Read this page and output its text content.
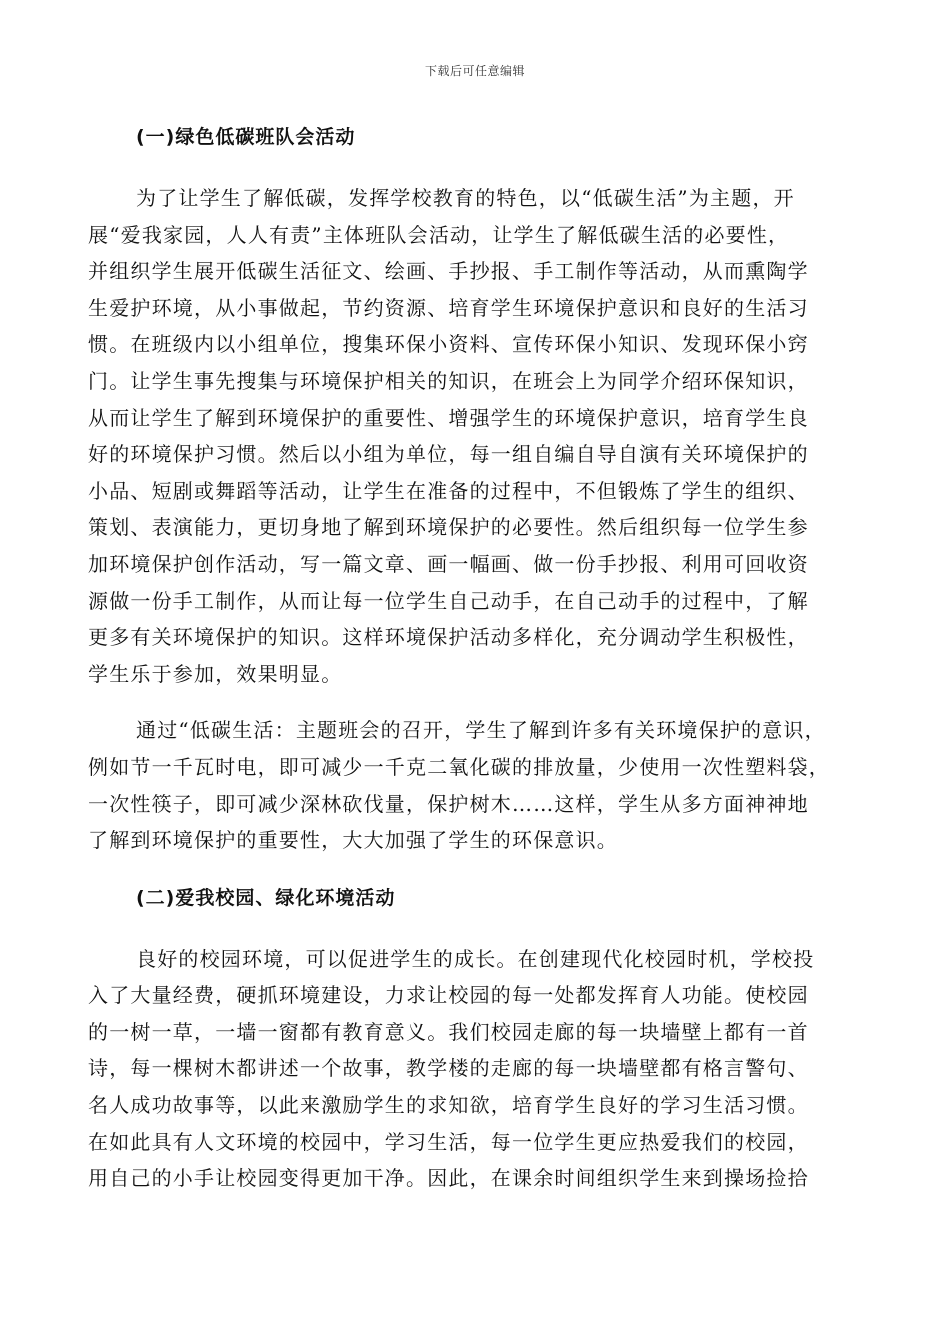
下载后可任意编辑
(一)绿色低碳班队会活动
为了让学生了解低碳，发挥学校教育的特色，以“低碳生活”为主题，开
展“爱我家园，人人有责”主体班队会活动，让学生了解低碳生活的必要性，
并组织学生展开低碳生活征文、绘画、手抄报、手工制作等活动，从而熏陶学
生爱护环境，从小事做起，节约资源、培育学生环境保护意识和良好的生活习
惯。在班级内以小组单位，搜集环保小资料、宣传环保小知识、发现环保小窍
门。让学生事先搜集与环境保护相关的知识，在班会上为同学介绍环保知识，
从而让学生了解到环境保护的重要性、增强学生的环境保护意识，培育学生良
好的环境保护习惯。然后以小组为单位，每一组自编自导自演有关环境保护的
小品、短剧或舞蹈等活动，让学生在准备的过程中，不但锻炼了学生的组织、
策划、表演能力，更切身地了解到环境保护的必要性。然后组织每一位学生参
加环境保护创作活动，写一篇文章、画一幅画、做一份手抄报、利用可回收资
源做一份手工制作，从而让每一位学生自己动手，在自己动手的过程中，了解
更多有关环境保护的知识。这样环境保护活动多样化，充分调动学生积极性，
学生乐于参加，效果明显。
通过“低碳生活：主题班会的召开，学生了解到许多有关环境保护的意识，
例如节一千瓦时电，即可减少一千克二氧化碳的排放量，少使用一次性塑料袋，
一次性筷子，即可减少深林砍伐量，保护树木……这样，学生从多方面神神地
了解到环境保护的重要性，大大加强了学生的环保意识。
(二)爱我校园、绿化环境活动
良好的校园环境，可以促进学生的成长。在创建现代化校园时机，学校投
入了大量经费，硬抓环境建设，力求让校园的每一处都发挥育人功能。使校园
的一树一草，一墙一窗都有教育意义。我们校园走廊的每一块墙壁上都有一首
诗，每一棵树木都讲述一个故事，教学楼的走廊的每一块墙壁都有格言警句、
名人成功故事等，以此来激励学生的求知欲，培育学生良好的学习生活习惯。
在如此具有人文环境的校园中，学习生活，每一位学生更应热爱我们的校园，
用自己的小手让校园变得更加干净。因此，在课余时间组织学生来到操场捡拾
